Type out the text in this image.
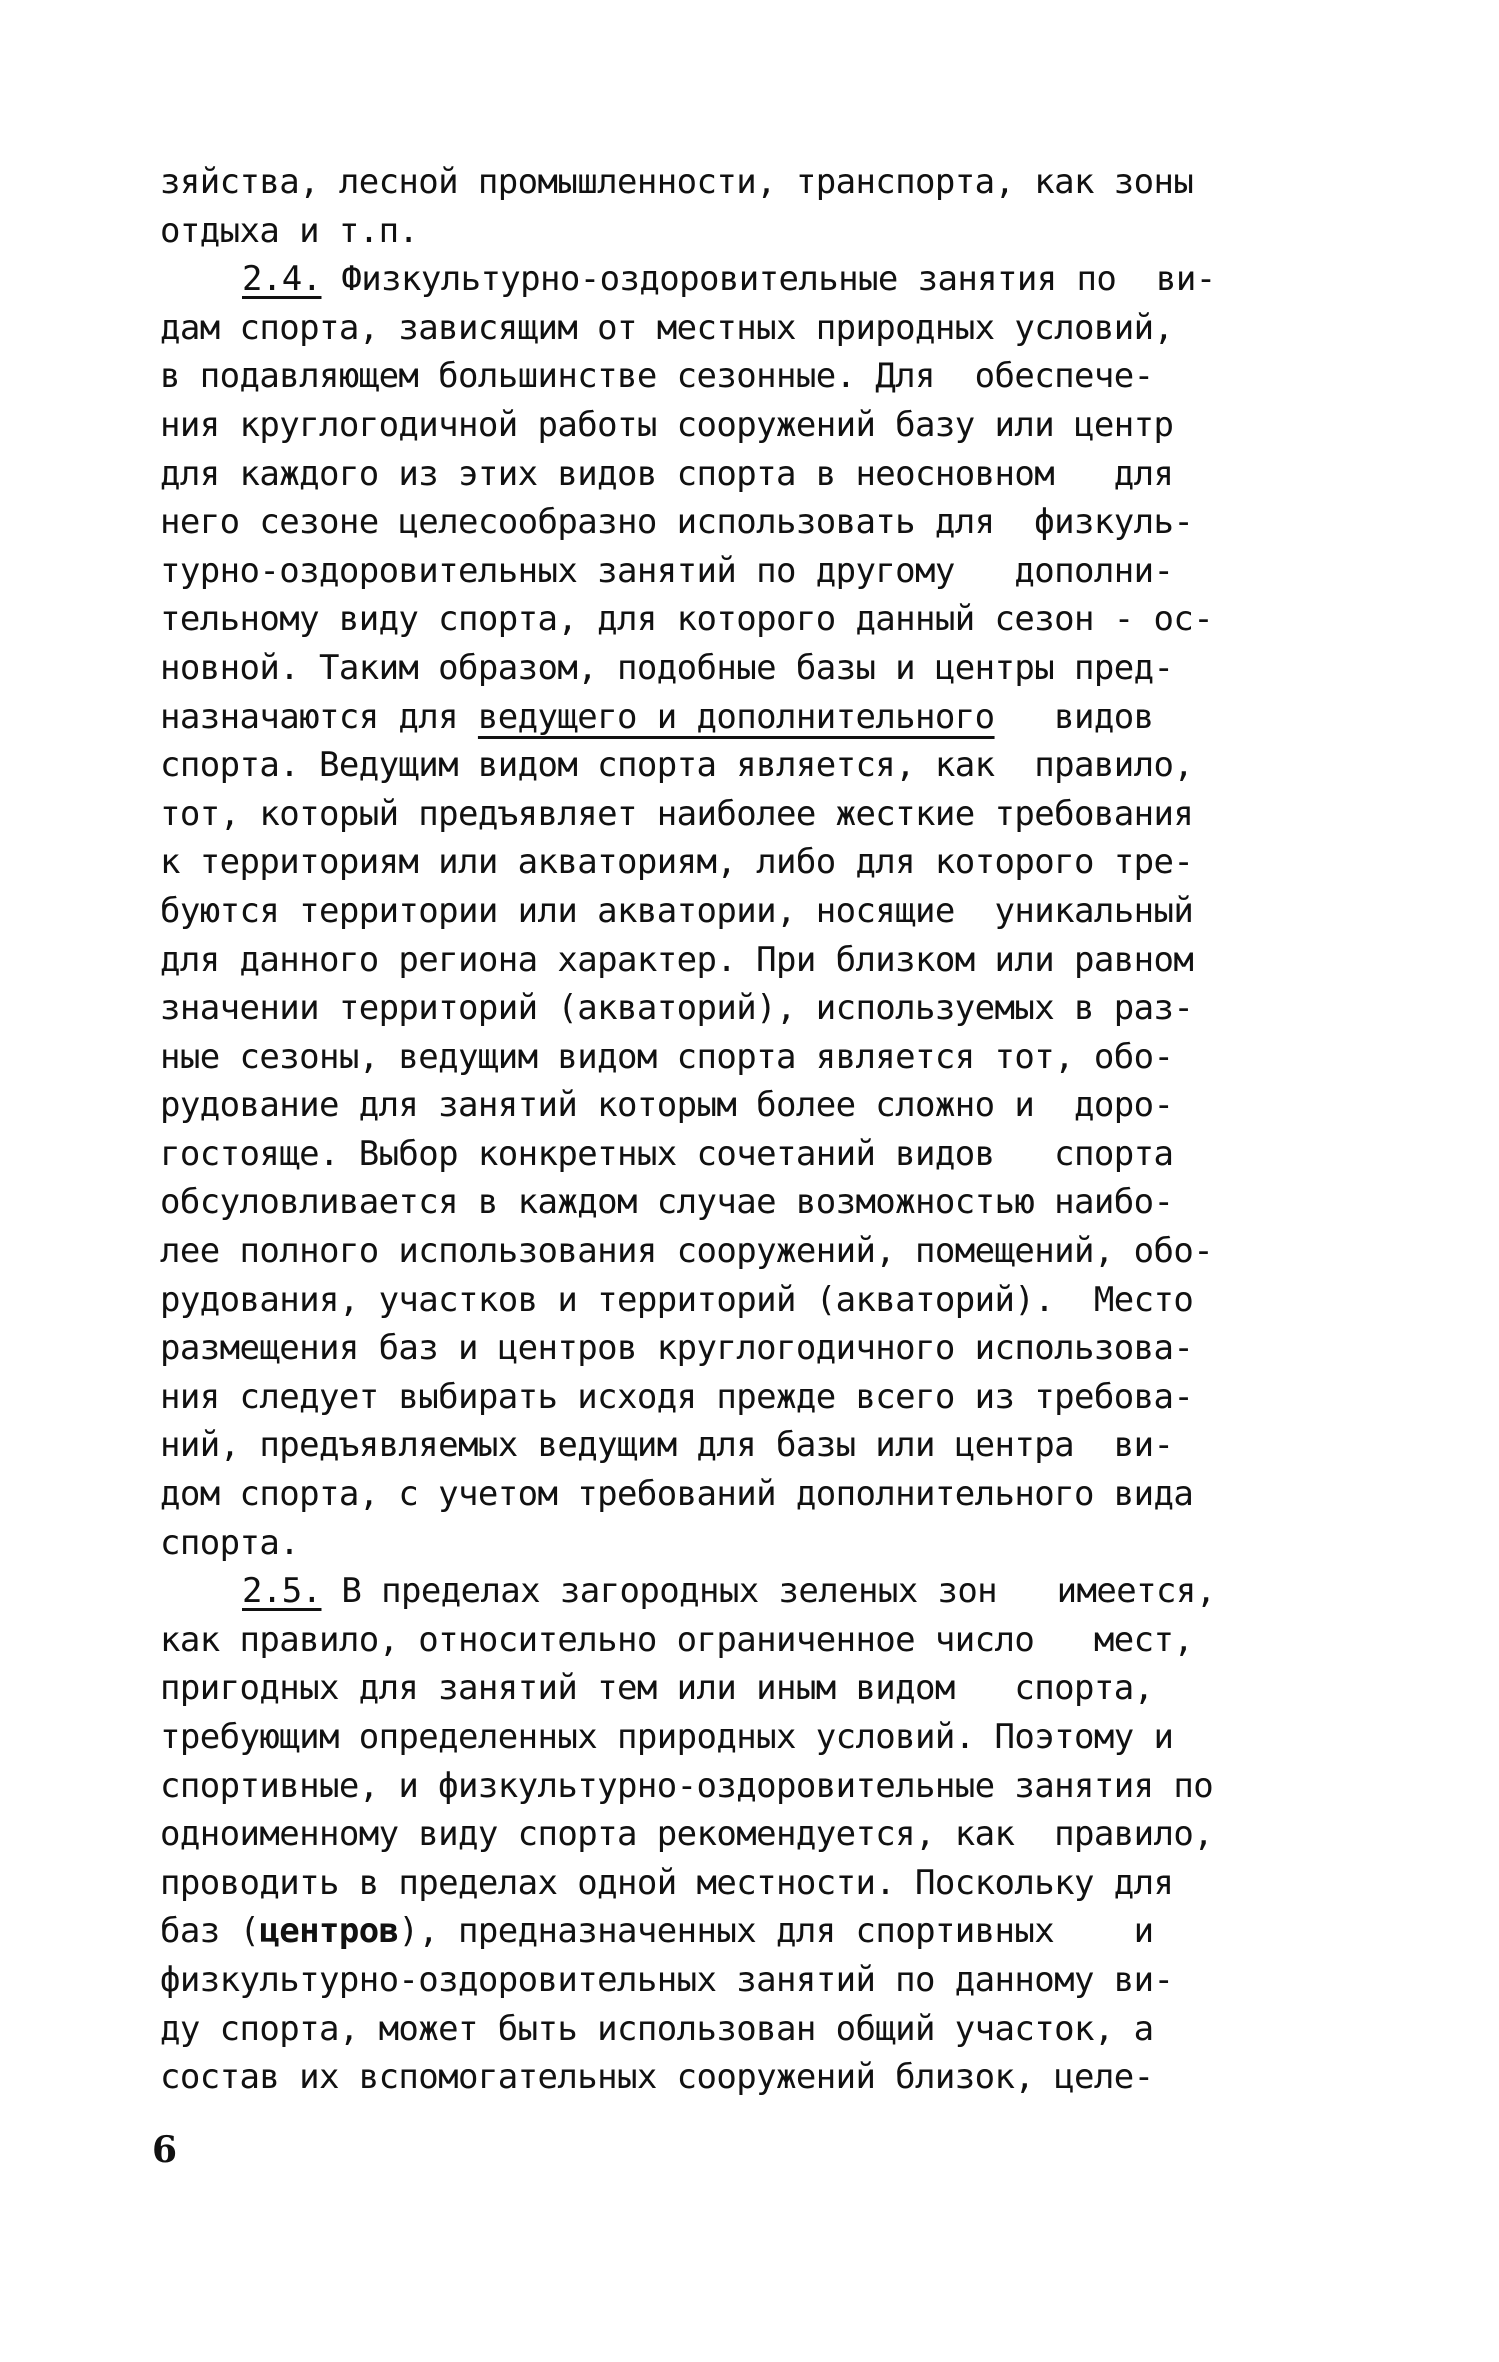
зяйства, лесной промышленности, транспорта, как зоны
отдыха и т.п.
2.4. Физкультурно-оздоровительные занятия по  ви-
дам спорта, зависящим от местных природных условий,
в подавляющем большинстве сезонные. Для  обеспече-
ния круглогодичной работы сооружений базу или центр
для каждого из этих видов спорта в неосновном   для
него сезоне целесообразно использовать для  физкуль-
турно-оздоровительных занятий по другому   дополни-
тельному виду спорта, для которого данный сезон - ос-
новной. Таким образом, подобные базы и центры пред-
назначаются для ведущего и дополнительного   видов
спорта. Ведущим видом спорта является, как  правило,
тот, который предъявляет наиболее жесткие требования
к территориям или акваториям, либо для которого тре-
буются территории или акватории, носящие  уникальный
для данного региона характер. При близком или равном
значении территорий (акваторий), используемых в раз-
ные сезоны, ведущим видом спорта является тот, обо-
рудование для занятий которым более сложно и  доро-
гостояще. Выбор конкретных сочетаний видов   спорта
обсуловливается в каждом случае возможностью наибо-
лее полного использования сооружений, помещений, обо-
рудования, участков и территорий (акваторий).  Место
размещения баз и центров круглогодичного использова-
ния следует выбирать исходя прежде всего из требова-
ний, предъявляемых ведущим для базы или центра  ви-
дом спорта, с учетом требований дополнительного вида
спорта.
2.5. В пределах загородных зеленых зон   имеется,
как правило, относительно ограниченное число   мест,
пригодных для занятий тем или иным видом   спорта,
требующим определенных природных условий. Поэтому и
спортивные, и физкультурно-оздоровительные занятия по
одноименному виду спорта рекомендуется, как  правило,
проводить в пределах одной местности. Поскольку для
баз (центров), предназначенных для спортивных    и
физкультурно-оздоровительных занятий по данному ви-
ду спорта, может быть использован общий участок, а
состав их вспомогательных сооружений близок, целе-
6
